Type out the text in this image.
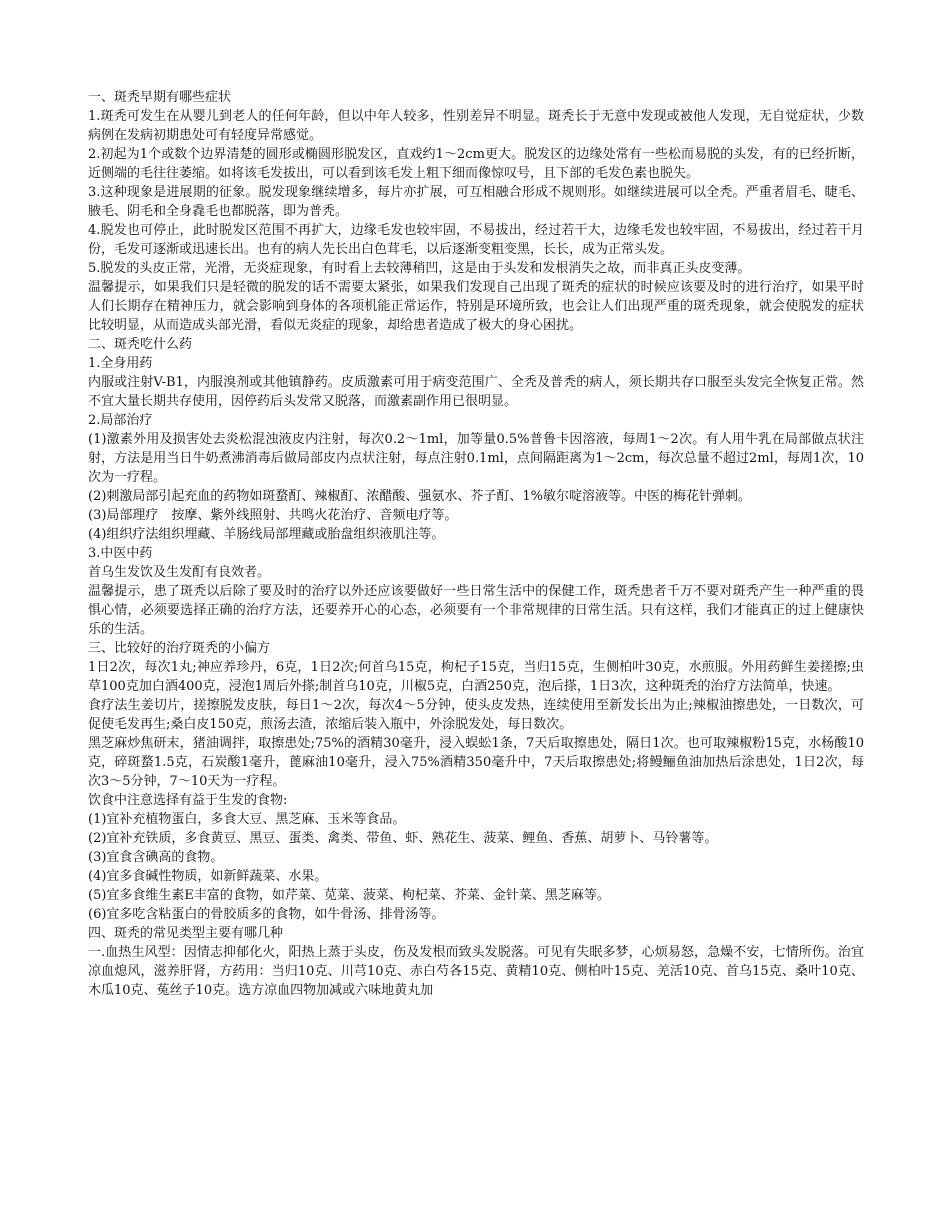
一、斑秃早期有哪些症状

1.斑秃可发生在从婴儿到老人的任何年龄，但以中年人较多，性别差异不明显。斑秃长于无意中发现或被他人发现，无自觉症状，少数病例在发病初期患处可有轻度异常感觉。

2.初起为1个或数个边界清楚的圆形或椭圆形脱发区，直戏约1～2cm更大。脱发区的边缘处常有一些松而易脱的头发，有的已经折断，近侧端的毛往往萎缩。如将该毛发拔出，可以看到该毛发上粗下细而像惊叹号，且下部的毛发色素也脱失。

3.这种现象是进展期的征象。脱发现象继续增多，每片亦扩展，可互相融合形成不规则形。如继续进展可以全秃。严重者眉毛、睫毛、腋毛、阴毛和全身毳毛也都脱落，即为普秃。

4.脱发也可停止，此时脱发区范围不再扩大，边缘毛发也较牢固，不易拔出，经过若干大，边缘毛发也较牢固，不易拔出，经过若干月份，毛发可逐渐或迅速长出。也有的病人先长出白色茸毛，以后逐渐变粗变黑，长长，成为正常头发。

5.脱发的头皮正常，光滑，无炎症现象，有时看上去较薄稍凹，这是由于头发和发根消失之故，而非真正头皮变薄。

温馨提示，如果我们只是轻微的脱发的话不需要太紧张，如果我们发现自己出现了斑秃的症状的时候应该要及时的进行治疗，如果平时人们长期存在精神压力，就会影响到身体的各项机能正常运作，特别是环境所致，也会让人们出现严重的斑秃现象，就会使脱发的症状比较明显，从而造成头部光滑，看似无炎症的现象，却给患者造成了极大的身心困扰。

二、斑秃吃什么药

1.全身用药

内服或注射V-B1，内服溴剂或其他镇静药。皮质激素可用于病变范围广、全秃及普秃的病人，须长期共存口服至头发完全恢复正常。然不宜大量长期共存使用，因停药后头发常又脱落，而激素副作用已很明显。

2.局部治疗

(1)激素外用及损害处去炎松混浊液皮内注射，每次0.2～1ml，加等量0.5%普鲁卡因溶液，每周1～2次。有人用牛乳在局部做点状注射，方法是用当日牛奶煮沸消毒后做局部皮内点状注射，每点注射0.1ml，点间隔距离为1～2cm，每次总量不超过2ml，每周1次，10次为一疗程。

(2)刺激局部引起充血的药物如斑蝥酊、辣椒酊、浓醋酸、强氨水、芥子酊、1%敏尔啶溶液等。中医的梅花针弹刺。

(3)局部理疗　按摩、紫外线照射、共鸣火花治疗、音频电疗等。

(4)组织疗法组织埋藏、羊肠线局部埋藏或胎盘组织液肌注等。

3.中医中药

首乌生发饮及生发酊有良效者。

温馨提示，患了斑秃以后除了要及时的治疗以外还应该要做好一些日常生活中的保健工作，斑秃患者千万不要对斑秃产生一种严重的畏惧心情，必须要选择正确的治疗方法，还要养开心的心态，必须要有一个非常规律的日常生活。只有这样，我们才能真正的过上健康快乐的生活。

三、比较好的治疗斑秃的小偏方

1日2次，每次1丸;神应养珍丹，6克，1日2次;何首乌15克，枸杞子15克，当归15克，生侧柏叶30克，水煎服。外用药鲜生姜搓擦;虫草100克加白酒400克，浸泡1周后外搽;制首乌10克，川椒5克，白酒250克，泡后搽，1日3次，这种斑秃的治疗方法简单，快速。

食疗法生姜切片，搓擦脱发皮肤，每日1～2次，每次4～5分钟，使头皮发热，连续使用至新发长出为止;辣椒油擦患处，一日数次，可促使毛发再生;桑白皮150克，煎汤去渣，浓缩后装入瓶中，外涂脱发处，每日数次。

黑芝麻炒焦研末，猪油调拌，取擦患处;75%的酒精30毫升，浸入蜈蚣1条，7天后取擦患处，隔日1次。也可取辣椒粉15克，水杨酸10克，碎斑蝥1.5克，石炭酸1毫升，蓖麻油10毫升，浸入75%酒精350毫升中，7天后取擦患处;将鳗鲡鱼油加热后涂患处，1日2次，每次3～5分钟，7～10天为一疗程。

饮食中注意选择有益于生发的食物:

(1)宜补充植物蛋白，多食大豆、黑芝麻、玉米等食品。

(2)宜补充铁质，多食黄豆、黑豆、蛋类、禽类、带鱼、虾、熟花生、菠菜、鲤鱼、香蕉、胡萝卜、马铃薯等。

(3)宜食含碘高的食物。

(4)宜多食碱性物质，如新鲜蔬菜、水果。

(5)宜多食维生素E丰富的食物，如芹菜、苋菜、菠菜、枸杞菜、芥菜、金针菜、黑芝麻等。

(6)宜多吃含粘蛋白的骨胶质多的食物，如牛骨汤、排骨汤等。

四、斑秃的常见类型主要有哪几种

一.血热生风型：因情志抑郁化火，阳热上蒸于头皮，伤及发根而致头发脱落。可见有失眠多梦，心烦易怒，急燥不安，七情所伤。治宜凉血熄风，滋养肝肾，方药用：当归10克、川芎10克、赤白芍各15克、黄精10克、侧柏叶15克、羌活10克、首乌15克、桑叶10克、木瓜10克、菟丝子10克。选方凉血四物加减或六味地黄丸加
